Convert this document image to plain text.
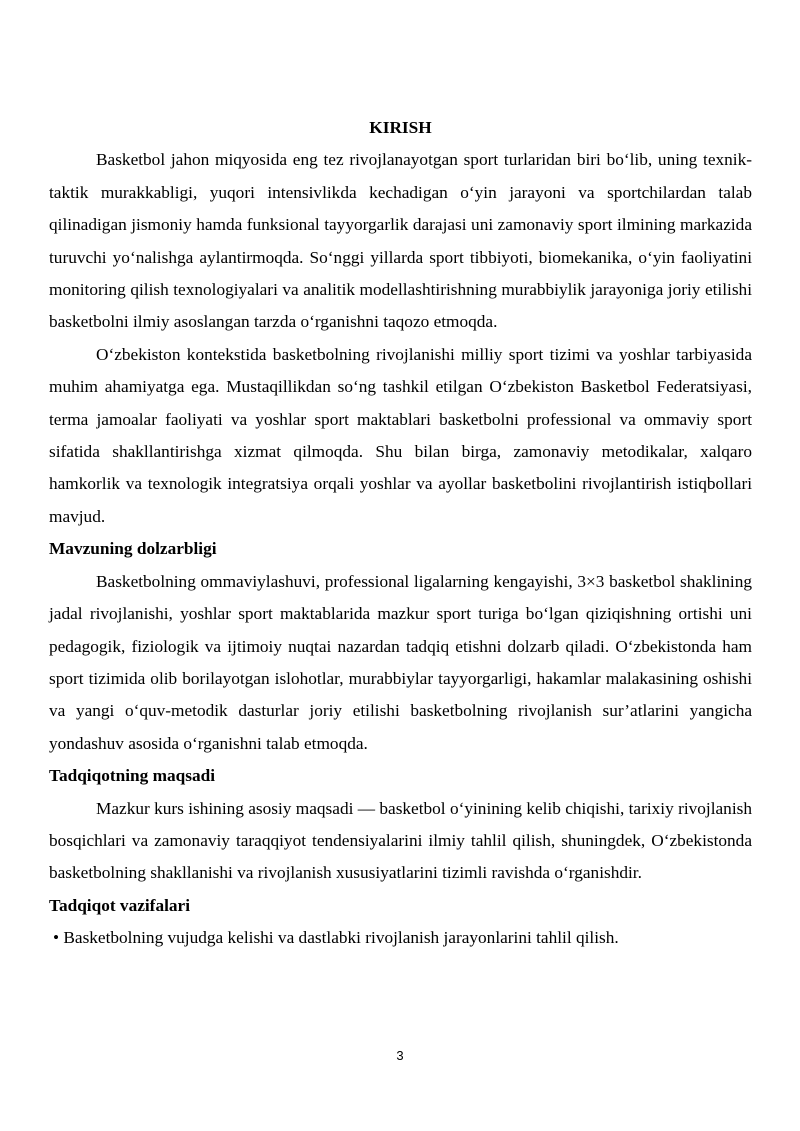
KIRISH

Basketbol jahon miqyosida eng tez rivojlanayotgan sport turlaridan biri bo‘lib, uning texnik-taktik murakkabligi, yuqori intensivlikda kechadigan o‘yin jarayoni va sportchilardan talab qilinadigan jismoniy hamda funksional tayyorgarlik darajasi uni zamonaviy sport ilmining markazida turuvchi yo‘nalishga aylantirmoqda. So‘nggi yillarda sport tibbiyoti, biomekanika, o‘yin faoliyatini monitoring qilish texnologiyalari va analitik modellashtirishning murabbiylik jarayoniga joriy etilishi basketbolni ilmiy asoslangan tarzda o‘rganishni taqozo etmoqda.

O‘zbekiston kontekstida basketbolning rivojlanishi milliy sport tizimi va yoshlar tarbiyasida muhim ahamiyatga ega. Mustaqillikdan so‘ng tashkil etilgan O‘zbekiston Basketbol Federatsiyasi, terma jamoalar faoliyati va yoshlar sport maktablari basketbolni professional va ommaviy sport sifatida shakllantirishga xizmat qilmoqda. Shu bilan birga, zamonaviy metodikalar, xalqaro hamkorlik va texnologik integratsiya orqali yoshlar va ayollar basketbolini rivojlantirish istiqbollari mavjud.

Mavzuning dolzarbligi

Basketbolning ommaviylashuvi, professional ligalarning kengayishi, 3×3 basketbol shaklining jadal rivojlanishi, yoshlar sport maktablarida mazkur sport turiga bo‘lgan qiziqishning ortishi uni pedagogik, fiziologik va ijtimoiy nuqtai nazardan tadqiq etishni dolzarb qiladi. O‘zbekistonda ham sport tizimida olib borilayotgan islohotlar, murabbiylar tayyorgarligi, hakamlar malakasining oshishi va yangi o‘quv-metodik dasturlar joriy etilishi basketbolning rivojlanish sur’atlarini yangicha yondashuv asosida o‘rganishni talab etmoqda.

Tadqiqotning maqsadi

Mazkur kurs ishining asosiy maqsadi — basketbol o‘yinining kelib chiqishi, tarixiy rivojlanish bosqichlari va zamonaviy taraqqiyot tendensiyalarini ilmiy tahlil qilish, shuningdek, O‘zbekistonda basketbolning shakllanishi va rivojlanish xususiyatlarini tizimli ravishda o‘rganishdir.

Tadqiqot vazifalari

• Basketbolning vujudga kelishi va dastlabki rivojlanish jarayonlarini tahlil qilish.

3
